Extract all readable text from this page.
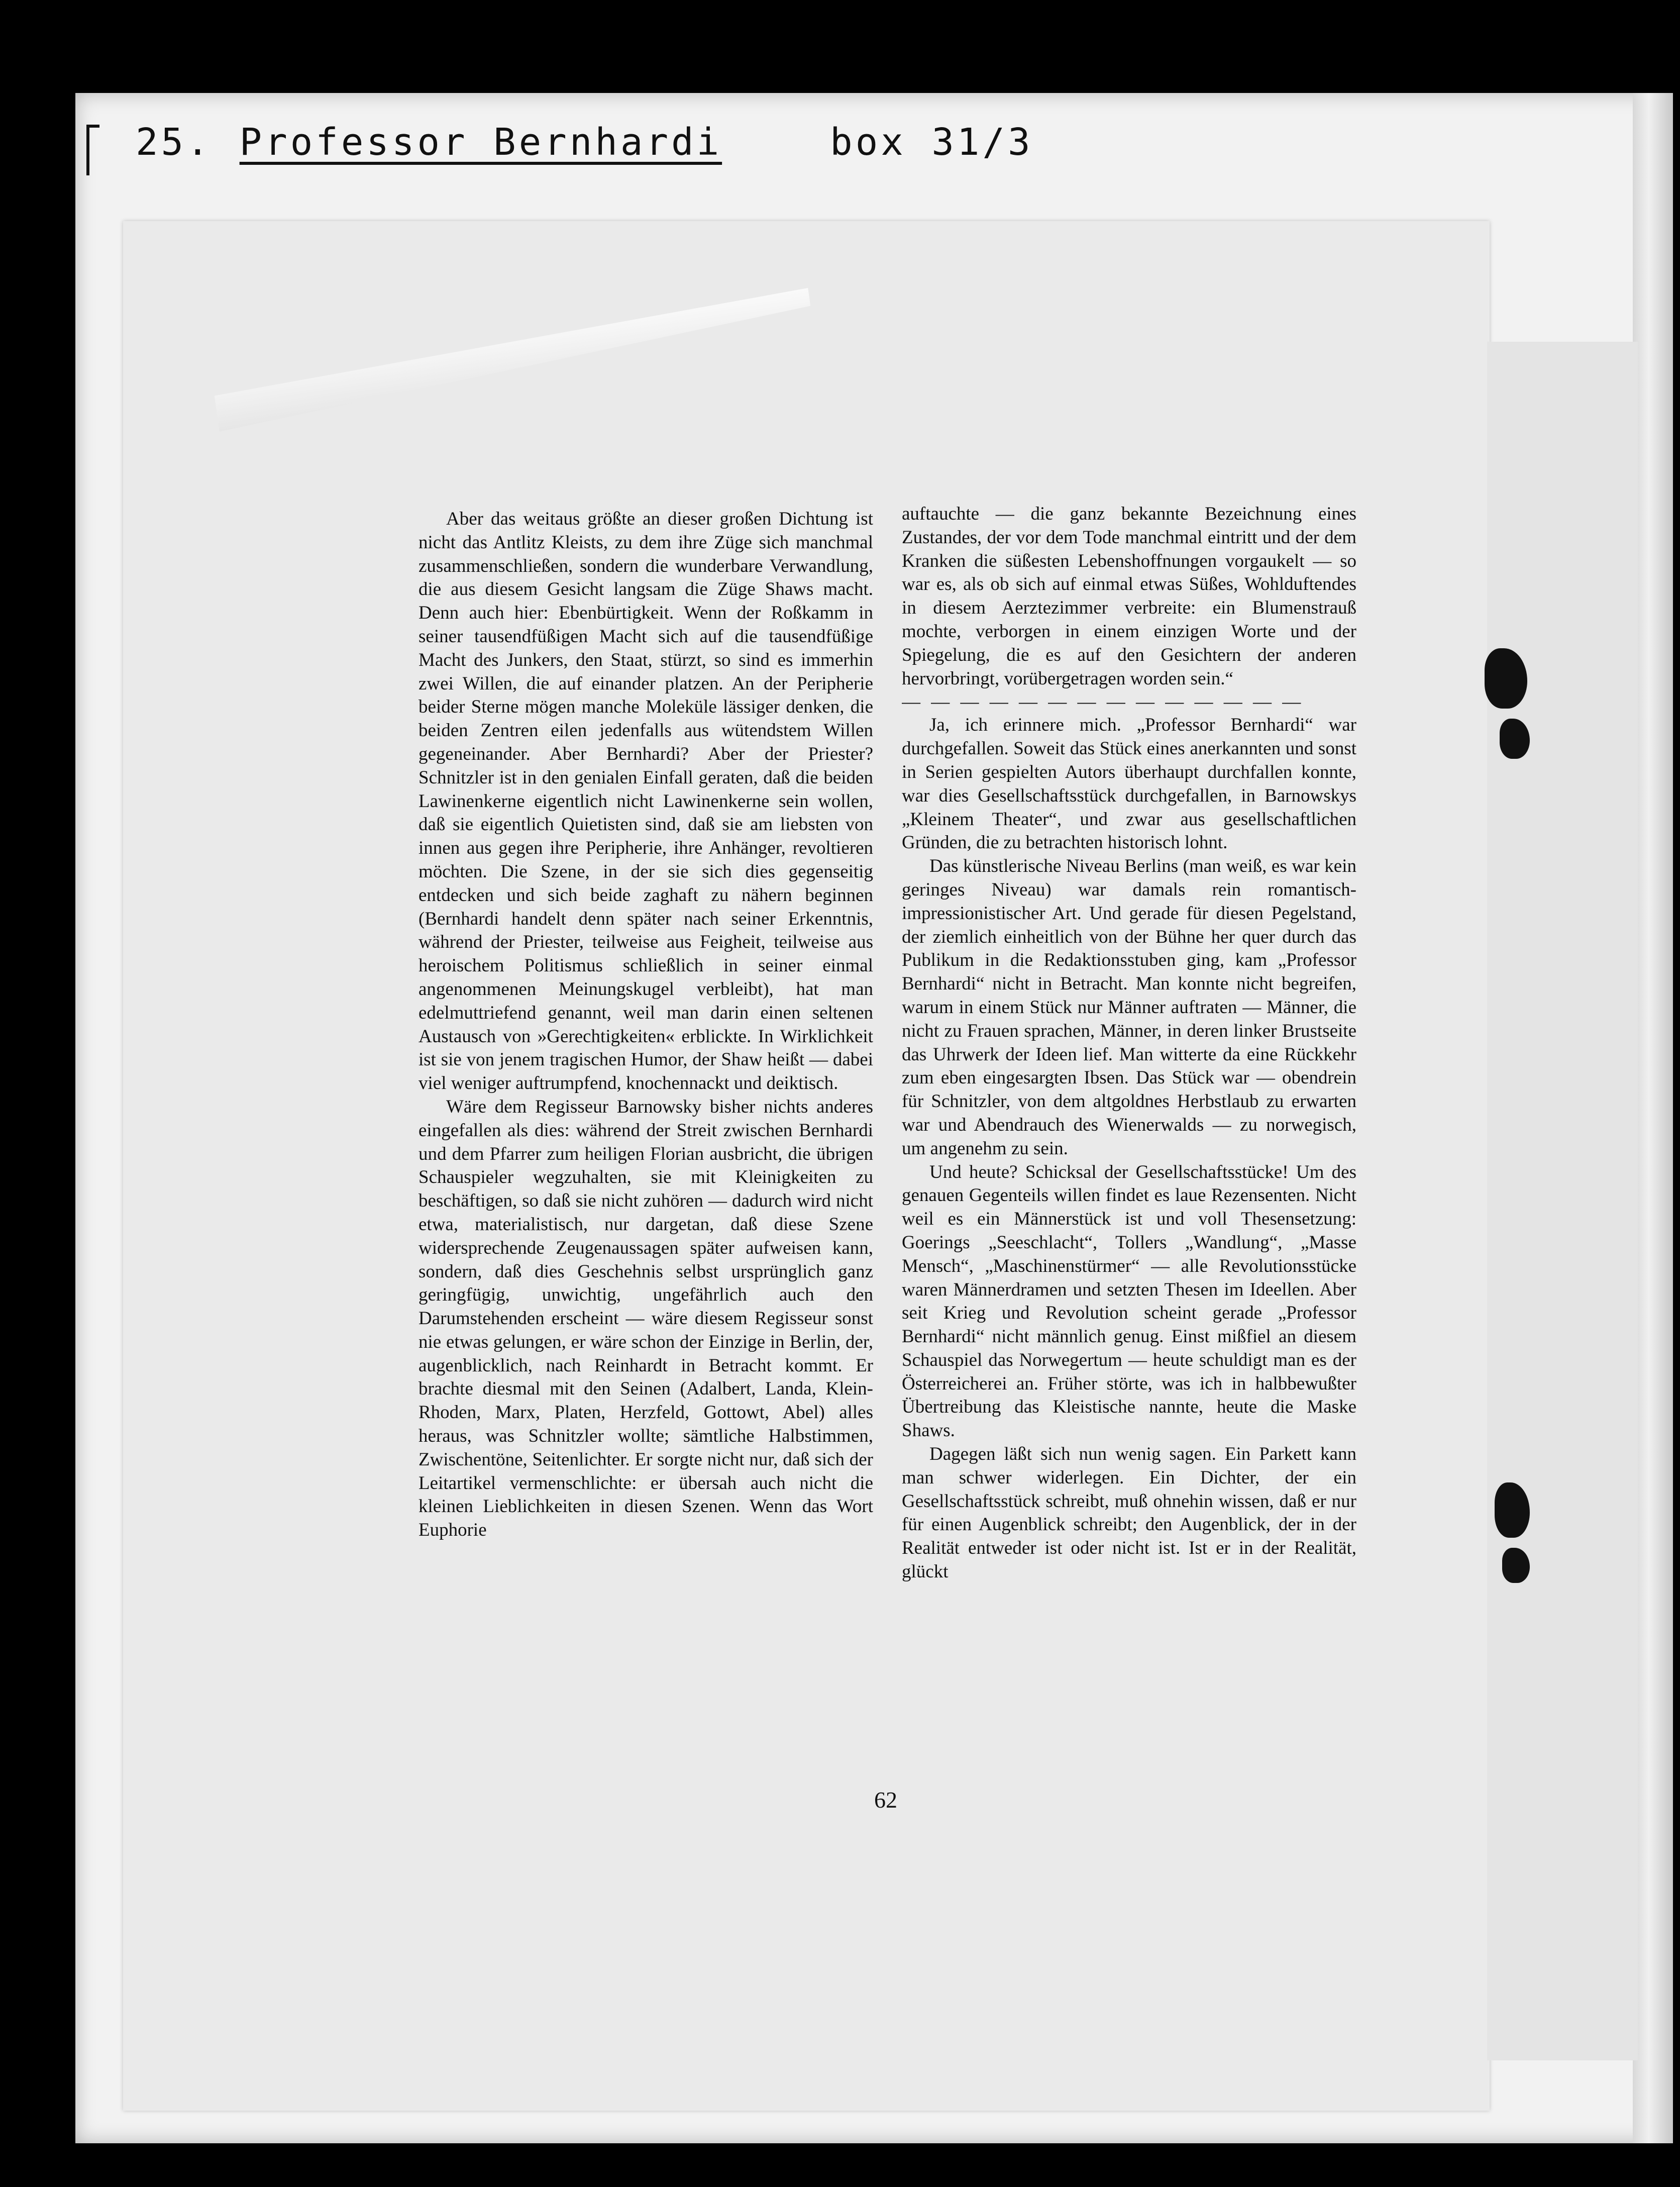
25. Professor Bernhardi	box 31/3

Aber das weitaus größte an dieser großen Dichtung ist nicht das Antlitz Kleists, zu dem ihre Züge sich manchmal zusammenschließen, sondern die wunderbare Verwandlung, die aus diesem Gesicht langsam die Züge Shaws macht. Denn auch hier: Ebenbürtigkeit. Wenn der Roßkamm in seiner tausendfüßigen Macht sich auf die tausendfüßige Macht des Junkers, den Staat, stürzt, so sind es immerhin zwei Willen, die auf einander platzen. An der Peripherie beider Sterne mögen manche Moleküle lässiger denken, die beiden Zentren eilen jedenfalls aus wütendstem Willen gegeneinander. Aber Bernhardi? Aber der Priester? Schnitzler ist in den genialen Einfall geraten, daß die beiden Lawinenkerne eigentlich nicht Lawinenkerne sein wollen, daß sie eigentlich Quietisten sind, daß sie am liebsten von innen aus gegen ihre Peripherie, ihre Anhänger, revoltieren möchten. Die Szene, in der sie sich dies gegenseitig entdecken und sich beide zaghaft zu nähern beginnen (Bernhardi handelt denn später nach seiner Erkenntnis, während der Priester, teilweise aus Feigheit, teilweise aus heroischem Politismus schließlich in seiner einmal angenommenen Meinungskugel verbleibt), hat man edelmuttriefend genannt, weil man darin einen seltenen Austausch von »Gerechtigkeiten« erblickte. In Wirklichkeit ist sie von jenem tragischen Humor, der Shaw heißt — dabei viel weniger auftrumpfend, knochennackt und deiktisch.

Wäre dem Regisseur Barnowsky bisher nichts anderes eingefallen als dies: während der Streit zwischen Bernhardi und dem Pfarrer zum heiligen Florian ausbricht, die übrigen Schauspieler wegzuhalten, sie mit Kleinigkeiten zu beschäftigen, so daß sie nicht zuhören — dadurch wird nicht etwa, materialistisch, nur dargetan, daß diese Szene widersprechende Zeugenaussagen später aufweisen kann, sondern, daß dies Geschehnis selbst ursprünglich ganz geringfügig, unwichtig, ungefährlich auch den Darumstehenden erscheint — wäre diesem Regisseur sonst nie etwas gelungen, er wäre schon der Einzige in Berlin, der, augenblicklich, nach Reinhardt in Betracht kommt. Er brachte diesmal mit den Seinen (Adalbert, Landa, Klein-Rhoden, Marx, Platen, Herzfeld, Gottowt, Abel) alles heraus, was Schnitzler wollte; sämtliche Halbstimmen, Zwischentöne, Seitenlichter. Er sorgte nicht nur, daß sich der Leitartikel vermenschlichte: er übersah auch nicht die kleinen Lieblichkeiten in diesen Szenen. Wenn das Wort Euphorie

auftauchte — die ganz bekannte Bezeichnung eines Zustandes, der vor dem Tode manchmal eintritt und der dem Kranken die süßesten Lebenshoffnungen vorgaukelt — so war es, als ob sich auf einmal etwas Süßes, Wohlduftendes in diesem Aerztezimmer verbreite: ein Blumenstrauß mochte, verborgen in einem einzigen Worte und der Spiegelung, die es auf den Gesichtern der anderen hervorbringt, vorübergetragen worden sein.“

— — — — — — — — — — — — — —

Ja, ich erinnere mich. „Professor Bernhardi“ war durchgefallen. Soweit das Stück eines anerkannten und sonst in Serien gespielten Autors überhaupt durchfallen konnte, war dies Gesellschaftsstück durchgefallen, in Barnowskys „Kleinem Theater“, und zwar aus gesellschaftlichen Gründen, die zu betrachten historisch lohnt.

Das künstlerische Niveau Berlins (man weiß, es war kein geringes Niveau) war damals rein romantisch-impressionistischer Art. Und gerade für diesen Pegelstand, der ziemlich einheitlich von der Bühne her quer durch das Publikum in die Redaktionsstuben ging, kam „Professor Bernhardi“ nicht in Betracht. Man konnte nicht begreifen, warum in einem Stück nur Männer auftraten — Männer, die nicht zu Frauen sprachen, Männer, in deren linker Brustseite das Uhrwerk der Ideen lief. Man witterte da eine Rückkehr zum eben eingesargten Ibsen. Das Stück war — obendrein für Schnitzler, von dem altgoldnes Herbstlaub zu erwarten war und Abendrauch des Wienerwalds — zu norwegisch, um angenehm zu sein.

Und heute? Schicksal der Gesellschaftsstücke! Um des genauen Gegenteils willen findet es laue Rezensenten. Nicht weil es ein Männerstück ist und voll Thesensetzung: Goerings „Seeschlacht“, Tollers „Wandlung“, „Masse Mensch“, „Maschinenstürmer“ — alle Revolutionsstücke waren Männerdramen und setzten Thesen im Ideellen. Aber seit Krieg und Revolution scheint gerade „Professor Bernhardi“ nicht männlich genug. Einst mißfiel an diesem Schauspiel das Norwegertum — heute schuldigt man es der Österreicherei an. Früher störte, was ich in halbbewußter Übertreibung das Kleistische nannte, heute die Maske Shaws.

Dagegen läßt sich nun wenig sagen. Ein Parkett kann man schwer widerlegen. Ein Dichter, der ein Gesellschaftsstück schreibt, muß ohnehin wissen, daß er nur für einen Augenblick schreibt; den Augenblick, der in der Realität entweder ist oder nicht ist. Ist er in der Realität, glückt

62
